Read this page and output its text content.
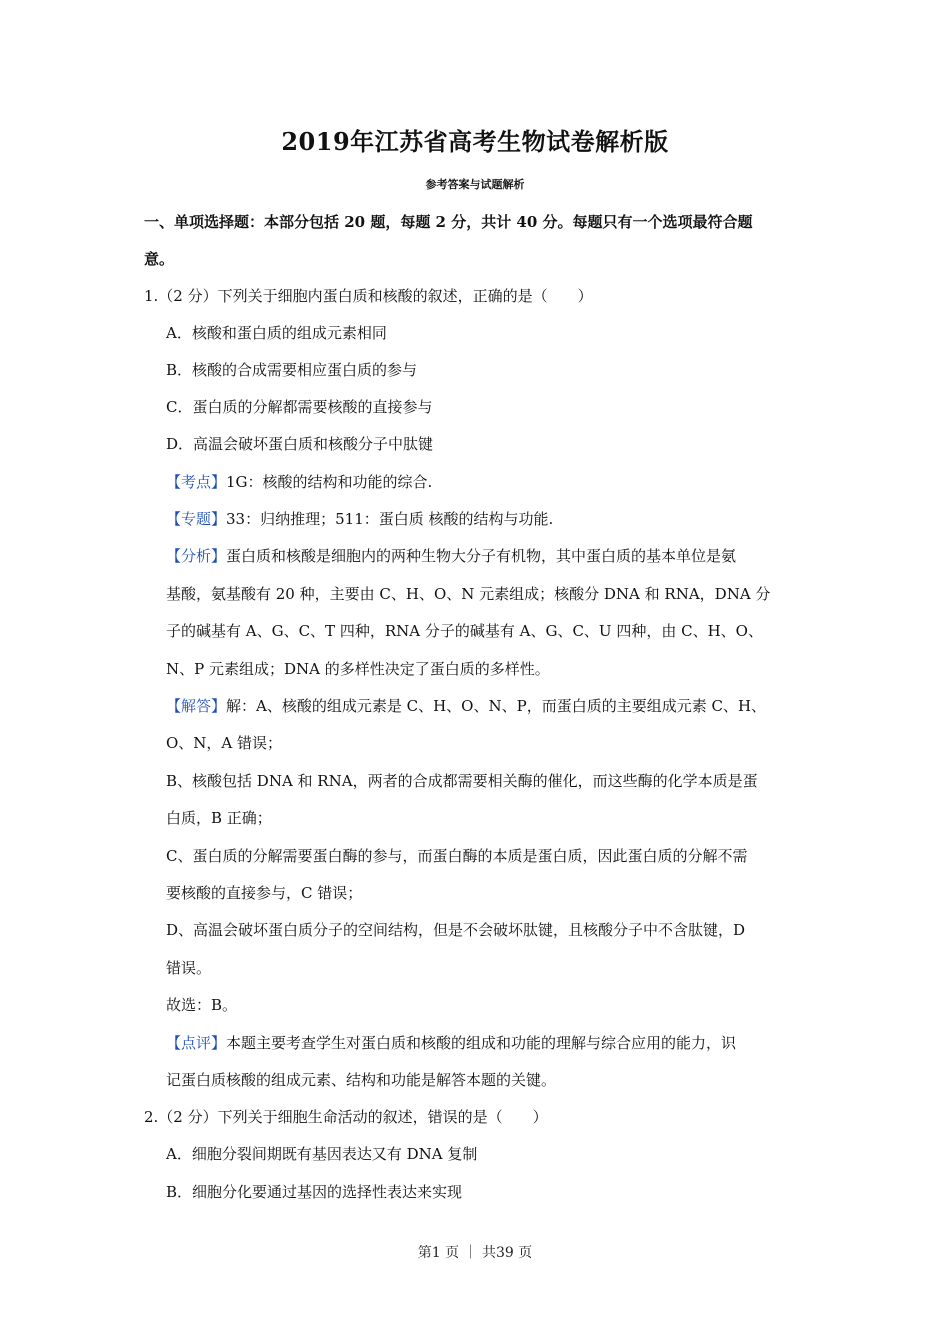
2019年江苏省高考生物试卷解析版
参考答案与试题解析
一、单项选择题：本部分包括 20 题，每题 2 分，共计 40 分。每题只有一个选项最符合题
意。
1.（2 分）下列关于细胞内蛋白质和核酸的叙述，正确的是（　　）
A．核酸和蛋白质的组成元素相同
B．核酸的合成需要相应蛋白质的参与
C．蛋白质的分解都需要核酸的直接参与
D．高温会破坏蛋白质和核酸分子中肽键
【考点】1G：核酸的结构和功能的综合.
【专题】33：归纳推理；511：蛋白质 核酸的结构与功能.
【分析】蛋白质和核酸是细胞内的两种生物大分子有机物，其中蛋白质的基本单位是氨
基酸，氨基酸有 20 种，主要由 C、H、O、N 元素组成；核酸分 DNA 和 RNA，DNA 分
子的碱基有 A、G、C、T 四种，RNA 分子的碱基有 A、G、C、U 四种，由 C、H、O、
N、P 元素组成；DNA 的多样性决定了蛋白质的多样性。
【解答】解：A、核酸的组成元素是 C、H、O、N、P，而蛋白质的主要组成元素 C、H、
O、N，A 错误；
B、核酸包括 DNA 和 RNA，两者的合成都需要相关酶的催化，而这些酶的化学本质是蛋
白质，B 正确；
C、蛋白质的分解需要蛋白酶的参与，而蛋白酶的本质是蛋白质，因此蛋白质的分解不需
要核酸的直接参与，C 错误；
D、高温会破坏蛋白质分子的空间结构，但是不会破坏肽键，且核酸分子中不含肽键，D
错误。
故选：B。
【点评】本题主要考查学生对蛋白质和核酸的组成和功能的理解与综合应用的能力，识
记蛋白质核酸的组成元素、结构和功能是解答本题的关键。
2.（2 分）下列关于细胞生命活动的叙述，错误的是（　　）
A．细胞分裂间期既有基因表达又有 DNA 复制
B．细胞分化要通过基因的选择性表达来实现
第1 页 ｜ 共39 页
